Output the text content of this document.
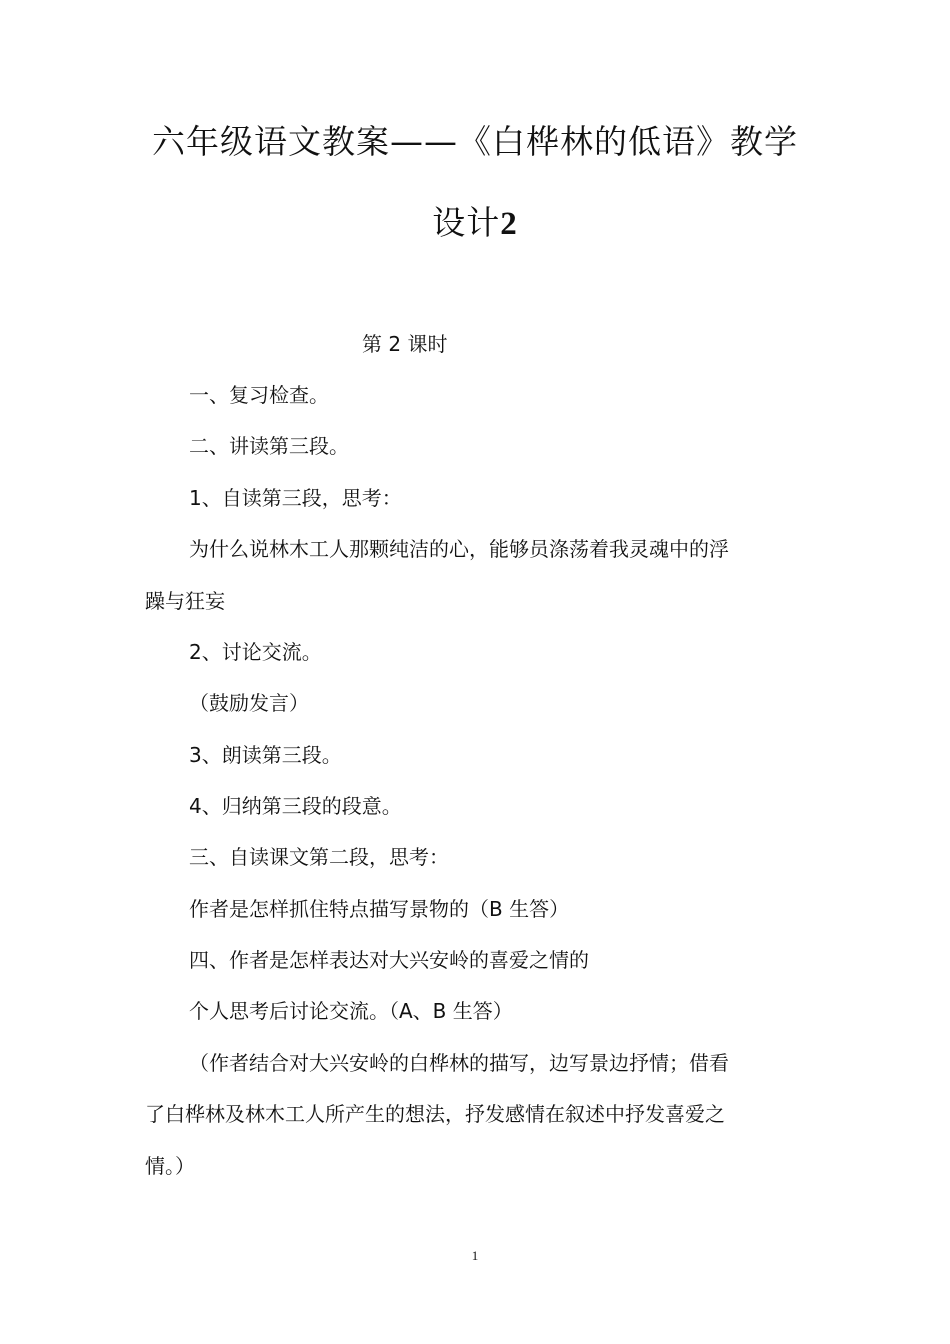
六年级语文教案——《白桦林的低语》教学
设计2
第 2 课时
一、复习检查。
二、讲读第三段。
1、自读第三段，思考：
为什么说林木工人那颗纯洁的心，能够员涤荡着我灵魂中的浮
躁与狂妄
2、讨论交流。
（鼓励发言）
3、朗读第三段。
4、归纳第三段的段意。
三、自读课文第二段，思考：
作者是怎样抓住特点描写景物的（B 生答）
四、作者是怎样表达对大兴安岭的喜爱之情的
个人思考后讨论交流。（A、B 生答）
（作者结合对大兴安岭的白桦林的描写，边写景边抒情；借看
了白桦林及林木工人所产生的想法，抒发感情在叙述中抒发喜爱之
情。）
1
